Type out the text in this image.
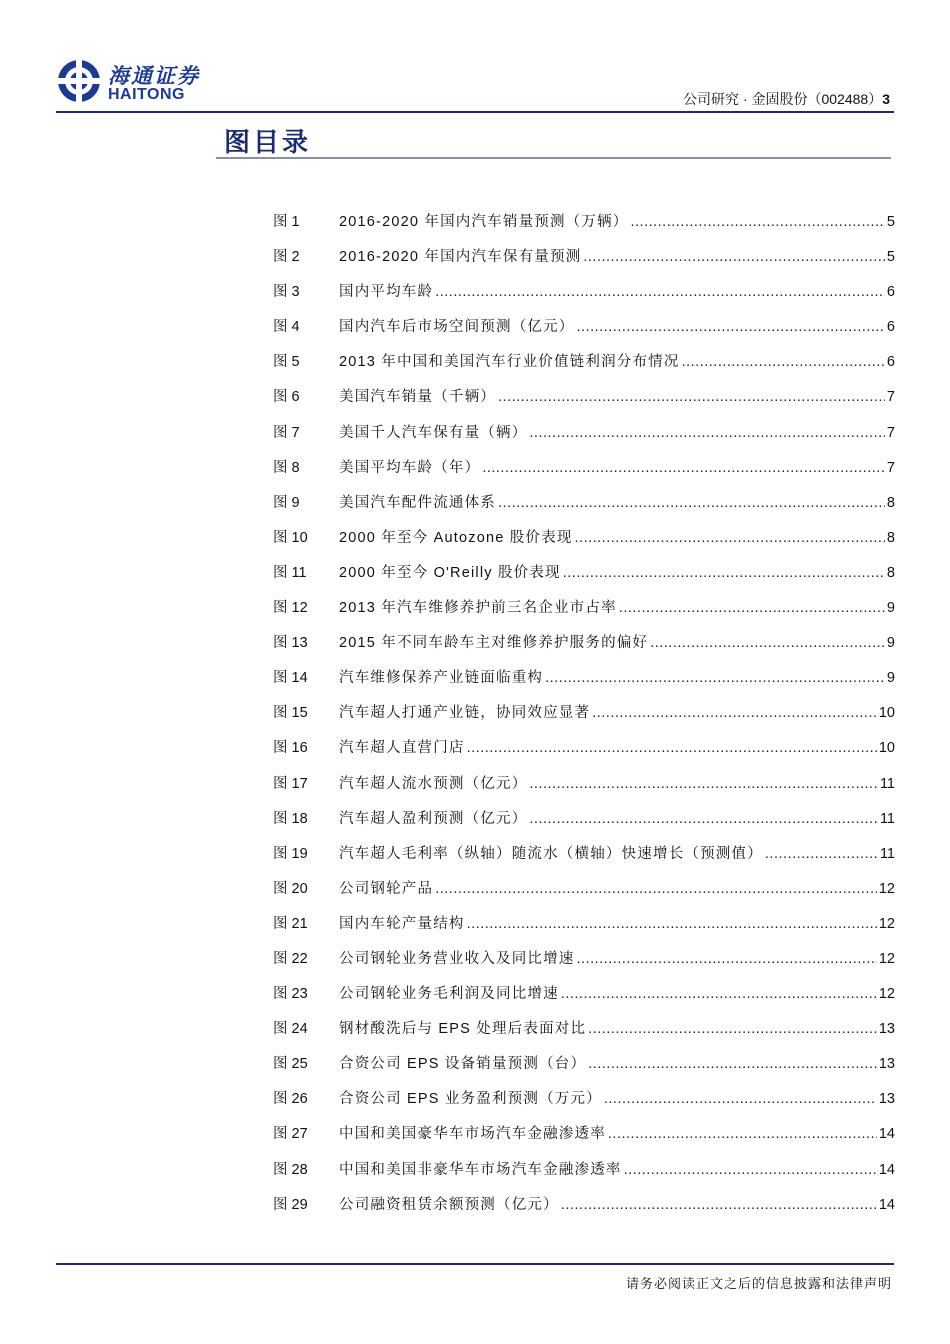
海通证券
HAITONG	公司研究 · 金固股份（002488）3
图目录
图 1	2016-2020 年国内汽车销量预测（万辆） .....	5
图 2	2016-2020 年国内汽车保有量预测 .....	5
图 3	国内平均车龄 .....	6
图 4	国内汽车后市场空间预测（亿元） .....	6
图 5	2013 年中国和美国汽车行业价值链利润分布情况 .....	6
图 6	美国汽车销量（千辆） .....	7
图 7	美国千人汽车保有量（辆） .....	7
图 8	美国平均车龄（年） .....	7
图 9	美国汽车配件流通体系 .....	8
图 10	2000 年至今 Autozone 股价表现 .....	8
图 11	2000 年至今 O'Reilly 股价表现 .....	8
图 12	2013 年汽车维修养护前三名企业市占率 .....	9
图 13	2015 年不同车龄车主对维修养护服务的偏好 .....	9
图 14	汽车维修保养产业链面临重构 .....	9
图 15	汽车超人打通产业链，协同效应显著 .....	10
图 16	汽车超人直营门店 .....	10
图 17	汽车超人流水预测（亿元） .....	11
图 18	汽车超人盈利预测（亿元） .....	11
图 19	汽车超人毛利率（纵轴）随流水（横轴）快速增长（预测值） .....	11
图 20	公司钢轮产品 .....	12
图 21	国内车轮产量结构 .....	12
图 22	公司钢轮业务营业收入及同比增速 .....	12
图 23	公司钢轮业务毛利润及同比增速 .....	12
图 24	钢材酸洗后与 EPS 处理后表面对比 .....	13
图 25	合资公司 EPS 设备销量预测（台） .....	13
图 26	合资公司 EPS 业务盈利预测（万元） .....	13
图 27	中国和美国豪华车市场汽车金融渗透率 .....	14
图 28	中国和美国非豪华车市场汽车金融渗透率 .....	14
图 29	公司融资租赁余额预测（亿元） .....	14
请务必阅读正文之后的信息披露和法律声明
